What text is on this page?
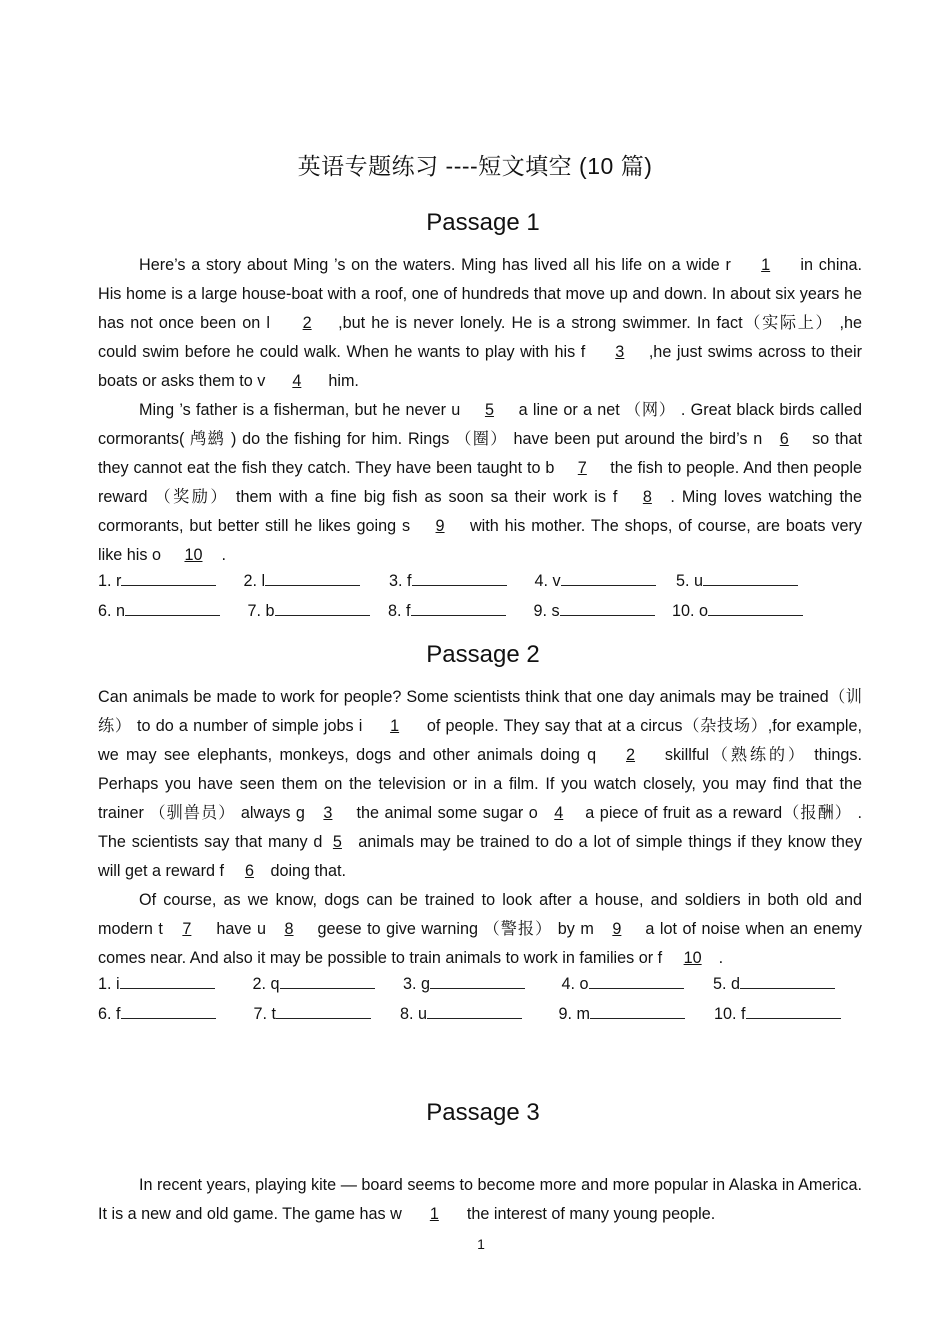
英语专题练习 ----短文填空 (10 篇)
Passage 1

Here’s a story about Ming ’s on the waters. Ming has lived all his life on a wide r 1 in china. His home is a large house-boat with a roof, one of hundreds that move up and down. In about six years he has not once been on l 2 ,but he is never lonely. He is a strong swimmer. In fact（实际上） ,he could swim before he could walk. When he wants to play with his f 3 ,he just swims across to their boats or asks them to v 4 him.

Ming ’s father is a fisherman, but he never u 5 a line or a net （网） . Great black birds called cormorants( 鸬鹚 ) do the fishing for him. Rings （圈） have been put around the bird’s n 6 so that they cannot eat the fish they catch. They have been taught to b 7 the fish to people. And then people reward （奖励） them with a fine big fish as soon sa their work is f 8 . Ming loves watching the cormorants, but better still he likes going s 9 with his mother. The shops, of course, are boats very like his o 10 .

1. r	2. l	3. f	4. v	5. u
6. n	7. b	8. f	9. s	10. o
Passage 2

Can animals be made to work for people? Some scientists think that one day animals may be trained（训练） to do a number of simple jobs i 1 of people. They say that at a circus（杂技场）,for example, we may see elephants, monkeys, dogs and other animals doing q 2 skillful（熟练的） things. Perhaps you have seen them on the television or in a film. If you watch closely, you may find that the trainer （驯兽员） always g 3 the animal some sugar o 4 a piece of fruit as a reward（报酬） . The scientists say that many d 5 animals may be trained to do a lot of simple things if they know they will get a reward f 6 doing that.

Of course, as we know, dogs can be trained to look after a house, and soldiers in both old and modern t 7 have u 8 geese to give warning （警报） by m 9 a lot of noise when an enemy comes near. And also it may be possible to train animals to work in families or f 10 .

1. i	2. q	3. g	4. o	5. d
6. f	7. t	8. u	9. m	10. f
Passage 3

In recent years, playing kite — board seems to become more and more popular in Alaska in America. It is a new and old game. The game has w 1 the interest of many young people.

1
